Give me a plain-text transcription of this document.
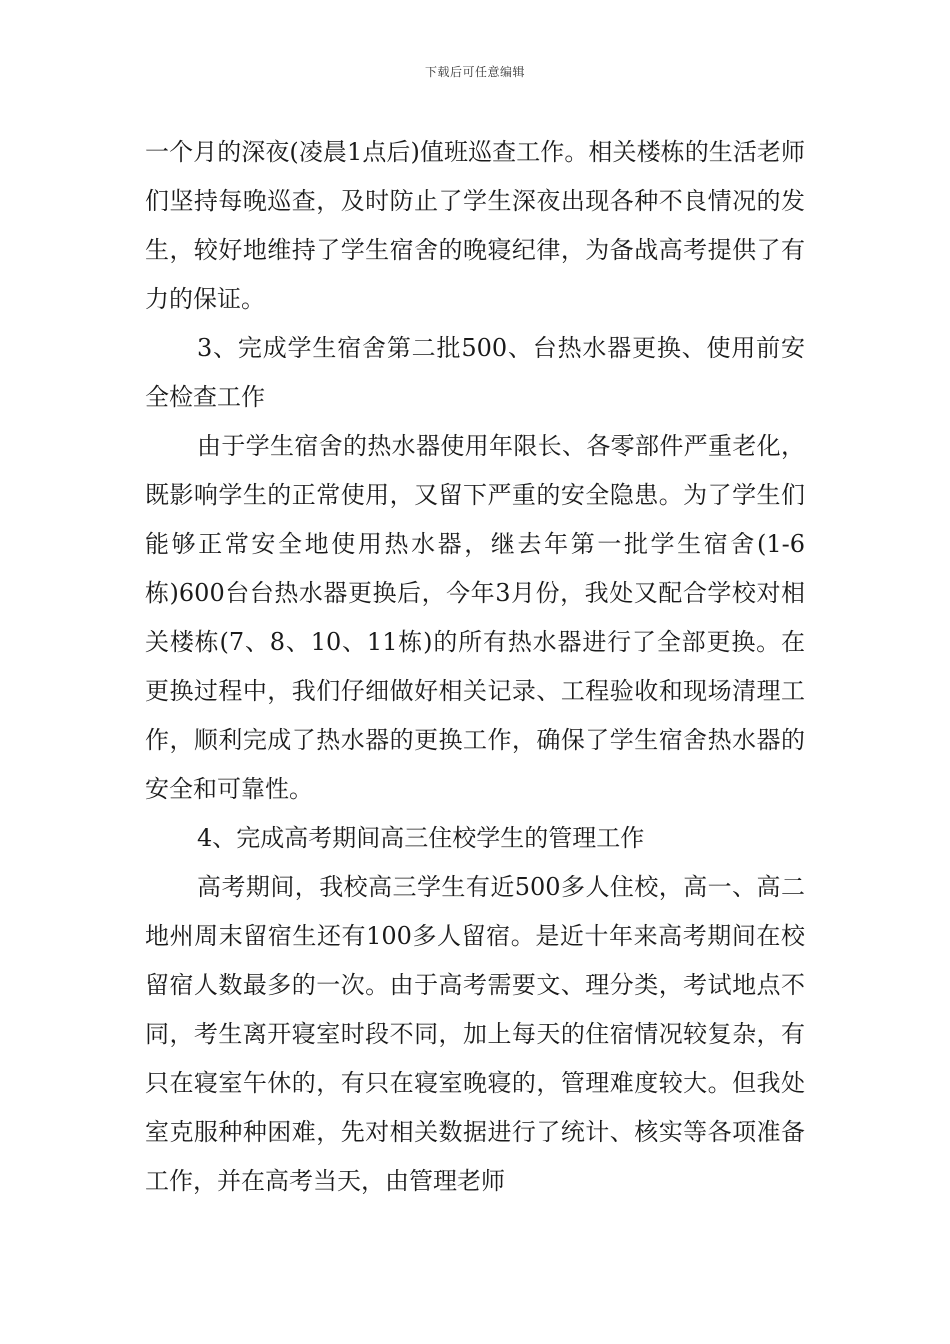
下载后可任意编辑

一个月的深夜(凌晨1点后)值班巡查工作。相关楼栋的生活老师们坚持每晚巡查，及时防止了学生深夜出现各种不良情况的发生，较好地维持了学生宿舍的晚寝纪律，为备战高考提供了有力的保证。

3、完成学生宿舍第二批500、台热水器更换、使用前安全检查工作

由于学生宿舍的热水器使用年限长、各零部件严重老化，既影响学生的正常使用，又留下严重的安全隐患。为了学生们能够正常安全地使用热水器，继去年第一批学生宿舍(1-6栋)600台台热水器更换后，今年3月份，我处又配合学校对相关楼栋(7、8、10、11栋)的所有热水器进行了全部更换。在更换过程中，我们仔细做好相关记录、工程验收和现场清理工作，顺利完成了热水器的更换工作，确保了学生宿舍热水器的安全和可靠性。

4、完成高考期间高三住校学生的管理工作

高考期间，我校高三学生有近500多人住校，高一、高二地州周末留宿生还有100多人留宿。是近十年来高考期间在校留宿人数最多的一次。由于高考需要文、理分类，考试地点不同，考生离开寝室时段不同，加上每天的住宿情况较复杂，有只在寝室午休的，有只在寝室晚寝的，管理难度较大。但我处室克服种种困难，先对相关数据进行了统计、核实等各项准备工作，并在高考当天，由管理老师
